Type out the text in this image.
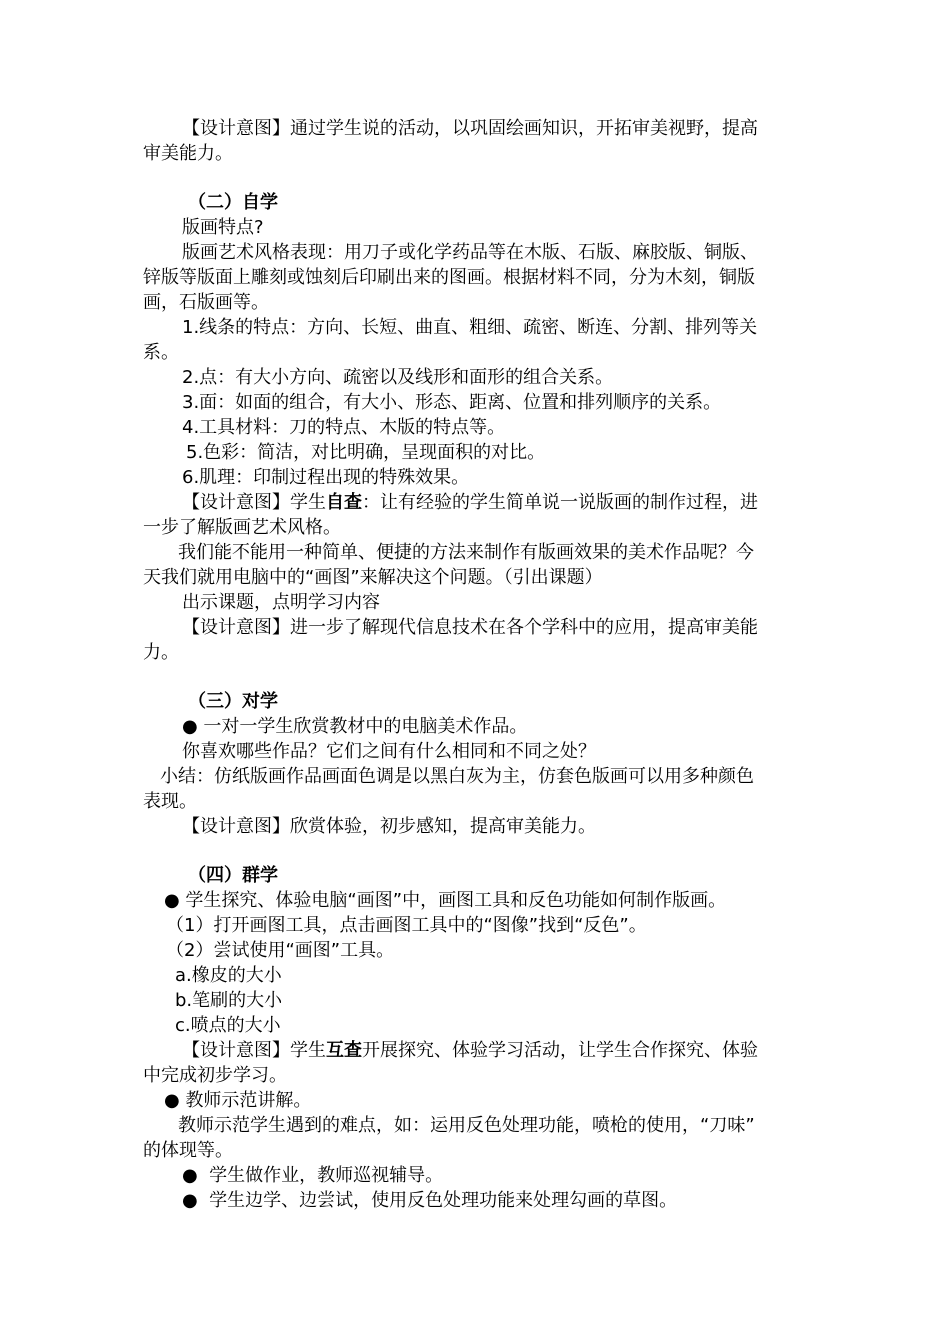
【设计意图】通过学生说的活动，以巩固绘画知识，开拓审美视野，提高
审美能力。
（二）自学
版画特点?
版画艺术风格表现：用刀子或化学药品等在木版、石版、麻胶版、铜版、
锌版等版面上雕刻或蚀刻后印刷出来的图画。根据材料不同，分为木刻，铜版
画，石版画等。
1.线条的特点：方向、长短、曲直、粗细、疏密、断连、分割、排列等关
系。
2.点：有大小方向、疏密以及线形和面形的组合关系。
3.面：如面的组合，有大小、形态、距离、位置和排列顺序的关系。
4.工具材料：刀的特点、木版的特点等。
5.色彩：简洁，对比明确，呈现面积的对比。
6.肌理：印制过程出现的特殊效果。
【设计意图】学生自查：让有经验的学生简单说一说版画的制作过程，进
一步了解版画艺术风格。
我们能不能用一种简单、便捷的方法来制作有版画效果的美术作品呢？今
天我们就用电脑中的“画图”来解决这个问题。（引出课题）
出示课题，点明学习内容
【设计意图】进一步了解现代信息技术在各个学科中的应用，提高审美能
力。
（三）对学
● 一对一学生欣赏教材中的电脑美术作品。
你喜欢哪些作品？它们之间有什么相同和不同之处？
小结：仿纸版画作品画面色调是以黑白灰为主，仿套色版画可以用多种颜色
表现。
【设计意图】欣赏体验，初步感知，提高审美能力。
（四）群学
● 学生探究、体验电脑“画图”中，画图工具和反色功能如何制作版画。
（1）打开画图工具，点击画图工具中的“图像”找到“反色”。
（2）尝试使用“画图”工具。
a.橡皮的大小
b.笔刷的大小
c.喷点的大小
【设计意图】学生互查开展探究、体验学习活动，让学生合作探究、体验
中完成初步学习。
● 教师示范讲解。
教师示范学生遇到的难点，如：运用反色处理功能，喷枪的使用，“刀味”
的体现等。
●  学生做作业，教师巡视辅导。
●  学生边学、边尝试，使用反色处理功能来处理勾画的草图。
